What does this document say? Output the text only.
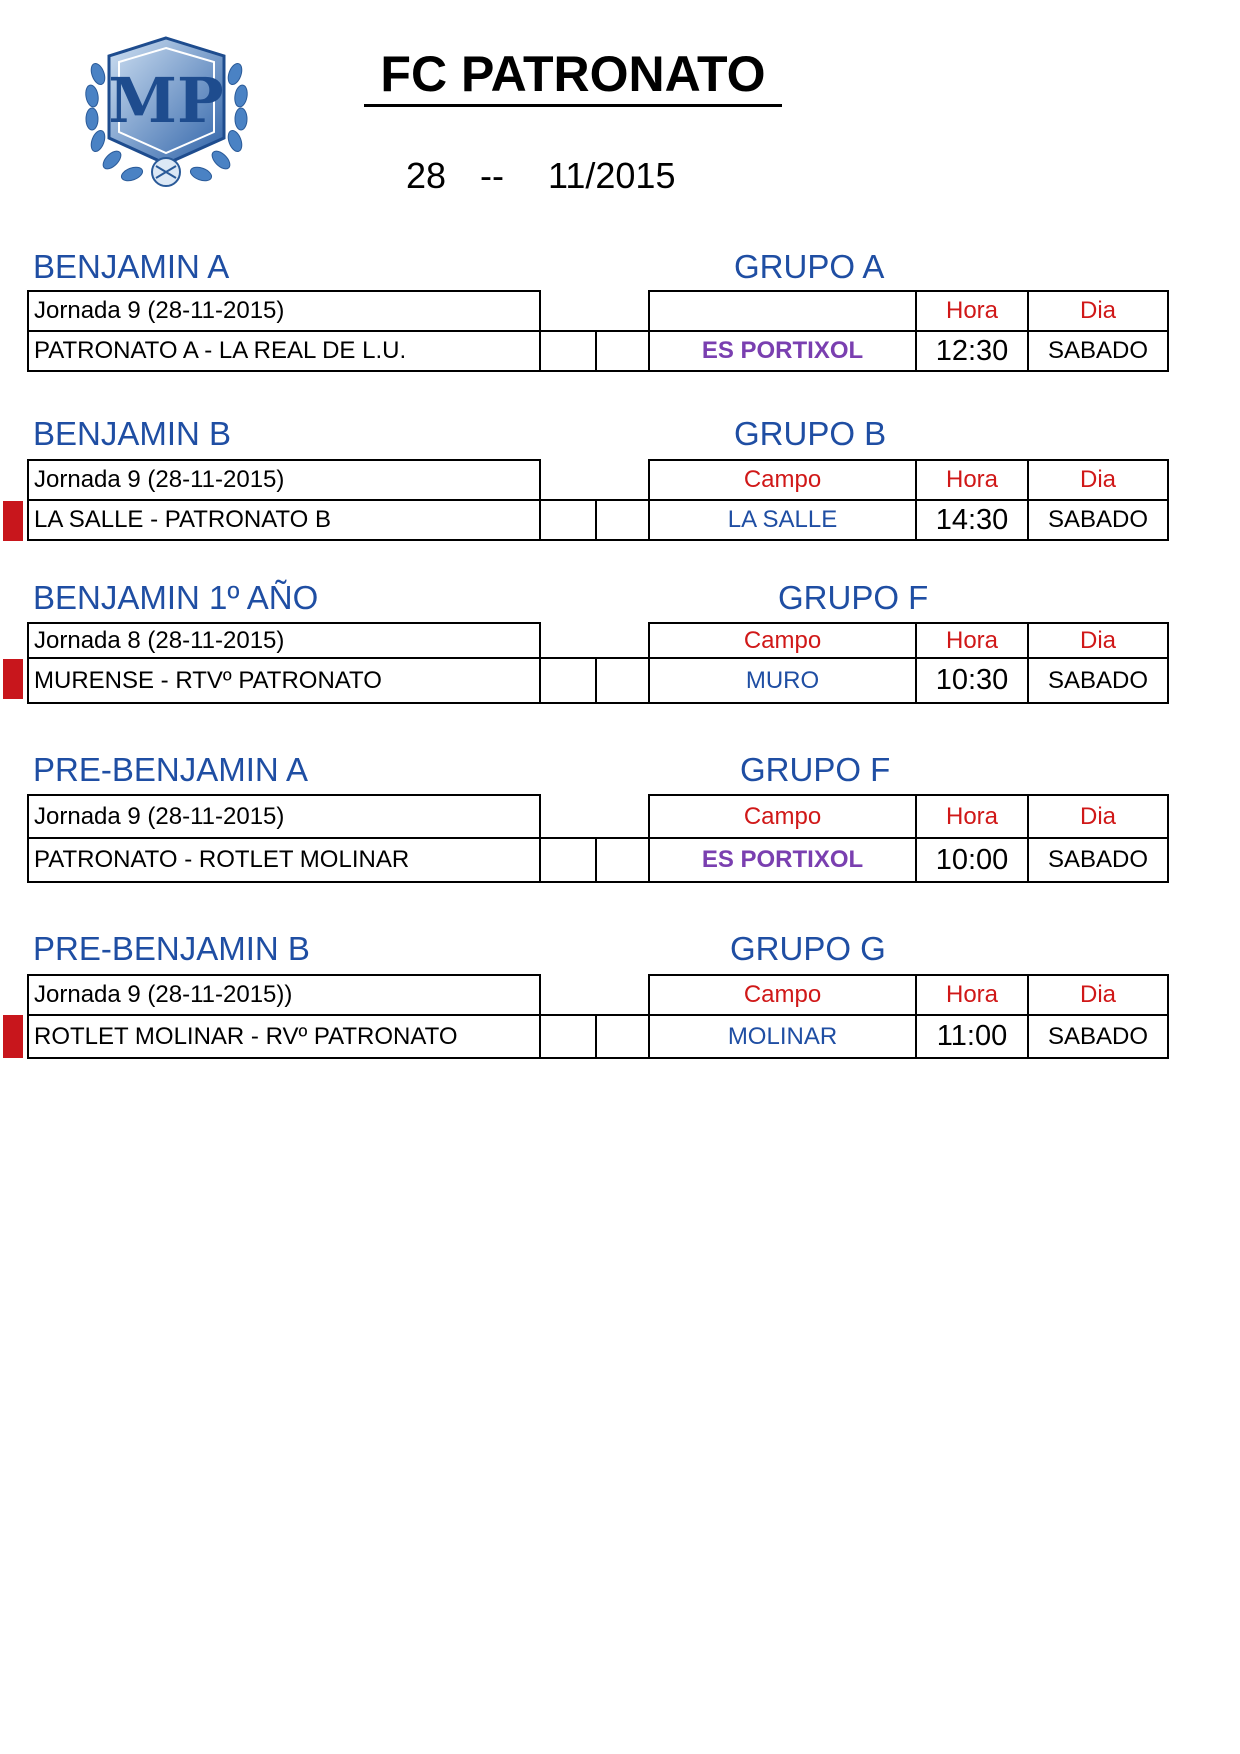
MP	FC PATRONATO
28 -- 11/2015
BENJAMIN A	GRUPO A
Jornada 9 (28-11-2015)				Hora	Dia
PATRONATO A - LA REAL DE L.U.			ES PORTIXOL	12:30	SABADO
BENJAMIN B	GRUPO B
Jornada 9 (28-11-2015)			Campo	Hora	Dia
LA SALLE - PATRONATO B			LA SALLE	14:30	SABADO
BENJAMIN 1º AÑO	GRUPO F
Jornada 8 (28-11-2015)			Campo	Hora	Dia
MURENSE - RTVº PATRONATO			MURO	10:30	SABADO
PRE-BENJAMIN A	GRUPO F
Jornada 9 (28-11-2015)			Campo	Hora	Dia
PATRONATO - ROTLET MOLINAR			ES PORTIXOL	10:00	SABADO
PRE-BENJAMIN B	GRUPO G
Jornada 9 (28-11-2015))			Campo	Hora	Dia
ROTLET MOLINAR - RVº PATRONATO			MOLINAR	11:00	SABADO
